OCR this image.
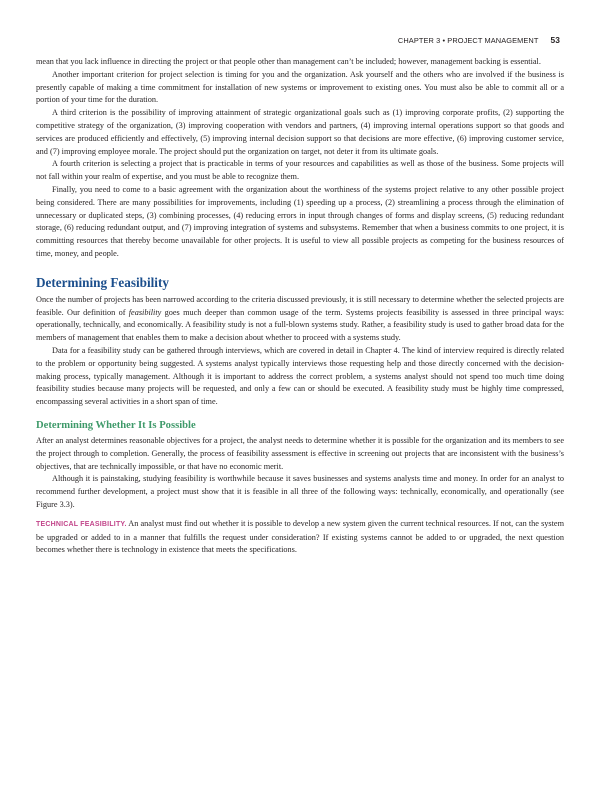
CHAPTER 3 • PROJECT MANAGEMENT 53

mean that you lack influence in directing the project or that people other than management can’t be included; however, management backing is essential.

Another important criterion for project selection is timing for you and the organization. Ask yourself and the others who are involved if the business is presently capable of making a time commitment for installation of new systems or improvement to existing ones. You must also be able to commit all or a portion of your time for the duration.

A third criterion is the possibility of improving attainment of strategic organizational goals such as (1) improving corporate profits, (2) supporting the competitive strategy of the organization, (3) improving cooperation with vendors and partners, (4) improving internal operations support so that goods and services are produced efficiently and effectively, (5) improving internal decision support so that decisions are more effective, (6) improving customer service, and (7) improving employee morale. The project should put the organization on target, not deter it from its ultimate goals.

A fourth criterion is selecting a project that is practicable in terms of your resources and capabilities as well as those of the business. Some projects will not fall within your realm of expertise, and you must be able to recognize them.

Finally, you need to come to a basic agreement with the organization about the worthiness of the systems project relative to any other possible project being considered. There are many possibilities for improvements, including (1) speeding up a process, (2) streamlining a process through the elimination of unnecessary or duplicated steps, (3) combining processes, (4) reducing errors in input through changes of forms and display screens, (5) reducing redundant storage, (6) reducing redundant output, and (7) improving integration of systems and subsystems. Remember that when a business commits to one project, it is committing resources that thereby become unavailable for other projects. It is useful to view all possible projects as competing for the business resources of time, money, and people.

Determining Feasibility

Once the number of projects has been narrowed according to the criteria discussed previously, it is still necessary to determine whether the selected projects are feasible. Our definition of feasibility goes much deeper than common usage of the term. Systems projects feasibility is assessed in three principal ways: operationally, technically, and economically. A feasibility study is not a full-blown systems study. Rather, a feasibility study is used to gather broad data for the members of management that enables them to make a decision about whether to proceed with a systems study.

Data for a feasibility study can be gathered through interviews, which are covered in detail in Chapter 4. The kind of interview required is directly related to the problem or opportunity being suggested. A systems analyst typically interviews those requesting help and those directly concerned with the decision-making process, typically management. Although it is important to address the correct problem, a systems analyst should not spend too much time doing feasibility studies because many projects will be requested, and only a few can or should be executed. A feasibility study must be highly time compressed, encompassing several activities in a short span of time.

Determining Whether It Is Possible

After an analyst determines reasonable objectives for a project, the analyst needs to determine whether it is possible for the organization and its members to see the project through to completion. Generally, the process of feasibility assessment is effective in screening out projects that are inconsistent with the business’s objectives, that are technically impossible, or that have no economic merit.

Although it is painstaking, studying feasibility is worthwhile because it saves businesses and systems analysts time and money. In order for an analyst to recommend further development, a project must show that it is feasible in all three of the following ways: technically, economically, and operationally (see Figure 3.3).

TECHNICAL FEASIBILITY. An analyst must find out whether it is possible to develop a new system given the current technical resources. If not, can the system be upgraded or added to in a manner that fulfills the request under consideration? If existing systems cannot be added to or upgraded, the next question becomes whether there is technology in existence that meets the specifications.
